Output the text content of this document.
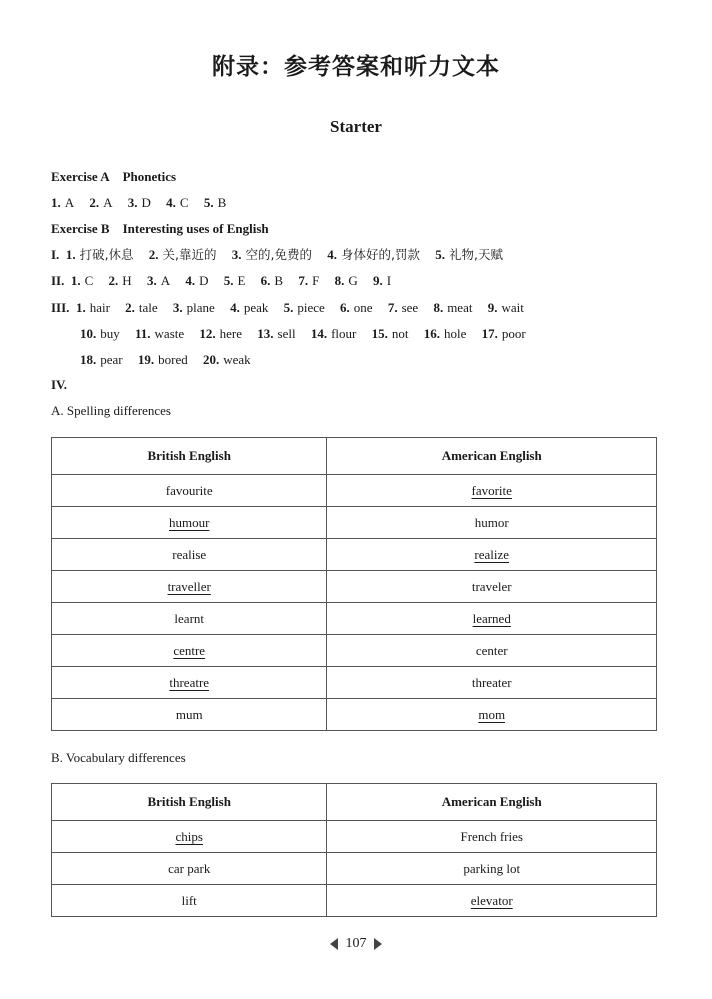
附录：参考答案和听力文本
Starter
Exercise A Phonetics
1. A 2. A 3. D 4. C 5. B
Exercise B Interesting uses of English
I. 1. 打破,休息 2. 关,靠近的 3. 空的,免费的 4. 身体好的,罚款 5. 礼物,天赋
II. 1. C 2. H 3. A 4. D 5. E 6. B 7. F 8. G 9. I
III. 1. hair 2. tale 3. plane 4. peak 5. piece 6. one 7. see 8. meat 9. wait
10. buy 11. waste 12. here 13. sell 14. flour 15. not 16. hole 17. poor
18. pear 19. bored 20. weak
IV.
A. Spelling differences
British English	American English
favourite	favorite
humour	humor
realise	realize
traveller	traveler
learnt	learned
centre	center
threatre	threater
mum	mom
B. Vocabulary differences
British English	American English
chips	French fries
car park	parking lot
lift	elevator
107
